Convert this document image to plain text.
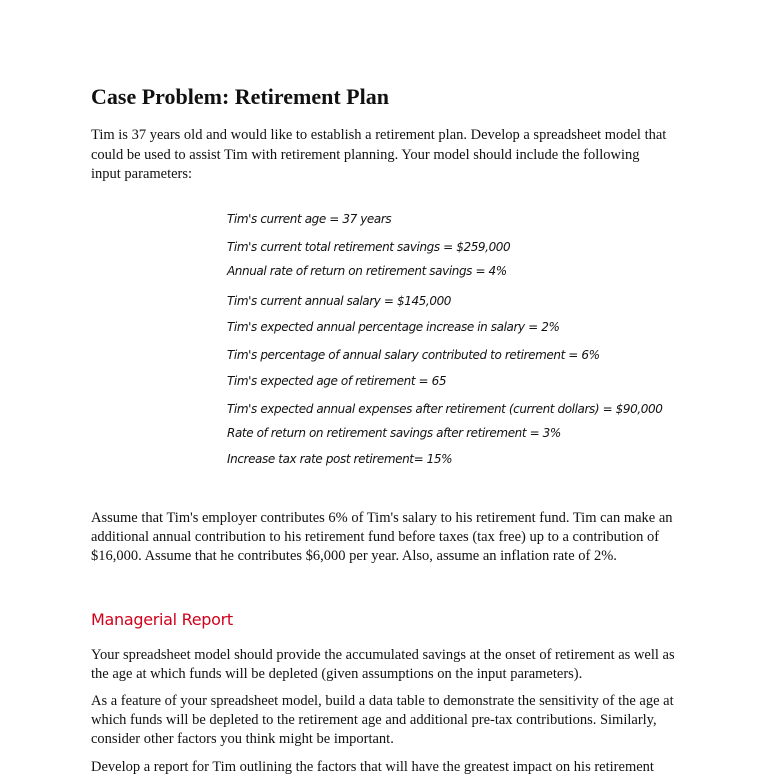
Case Problem: Retirement Plan

Tim is 37 years old and would like to establish a retirement plan. Develop a spreadsheet model that could be used to assist Tim with retirement planning. Your model should include the following input parameters:

Tim's current age = 37 years
Tim's current total retirement savings = $259,000
Annual rate of return on retirement savings = 4%
Tim's current annual salary = $145,000
Tim's expected annual percentage increase in salary = 2%
Tim's percentage of annual salary contributed to retirement = 6%
Tim's expected age of retirement = 65
Tim's expected annual expenses after retirement (current dollars) = $90,000
Rate of return on retirement savings after retirement = 3%
Increase tax rate post retirement= 15%

Assume that Tim's employer contributes 6% of Tim's salary to his retirement fund. Tim can make an additional annual contribution to his retirement fund before taxes (tax free) up to a contribution of $16,000. Assume that he contributes $6,000 per year. Also, assume an inflation rate of 2%.

Managerial Report

Your spreadsheet model should provide the accumulated savings at the onset of retirement as well as the age at which funds will be depleted (given assumptions on the input parameters).

As a feature of your spreadsheet model, build a data table to demonstrate the sensitivity of the age at which funds will be depleted to the retirement age and additional pre-tax contributions. Similarly, consider other factors you think might be important.

Develop a report for Tim outlining the factors that will have the greatest impact on his retirement
